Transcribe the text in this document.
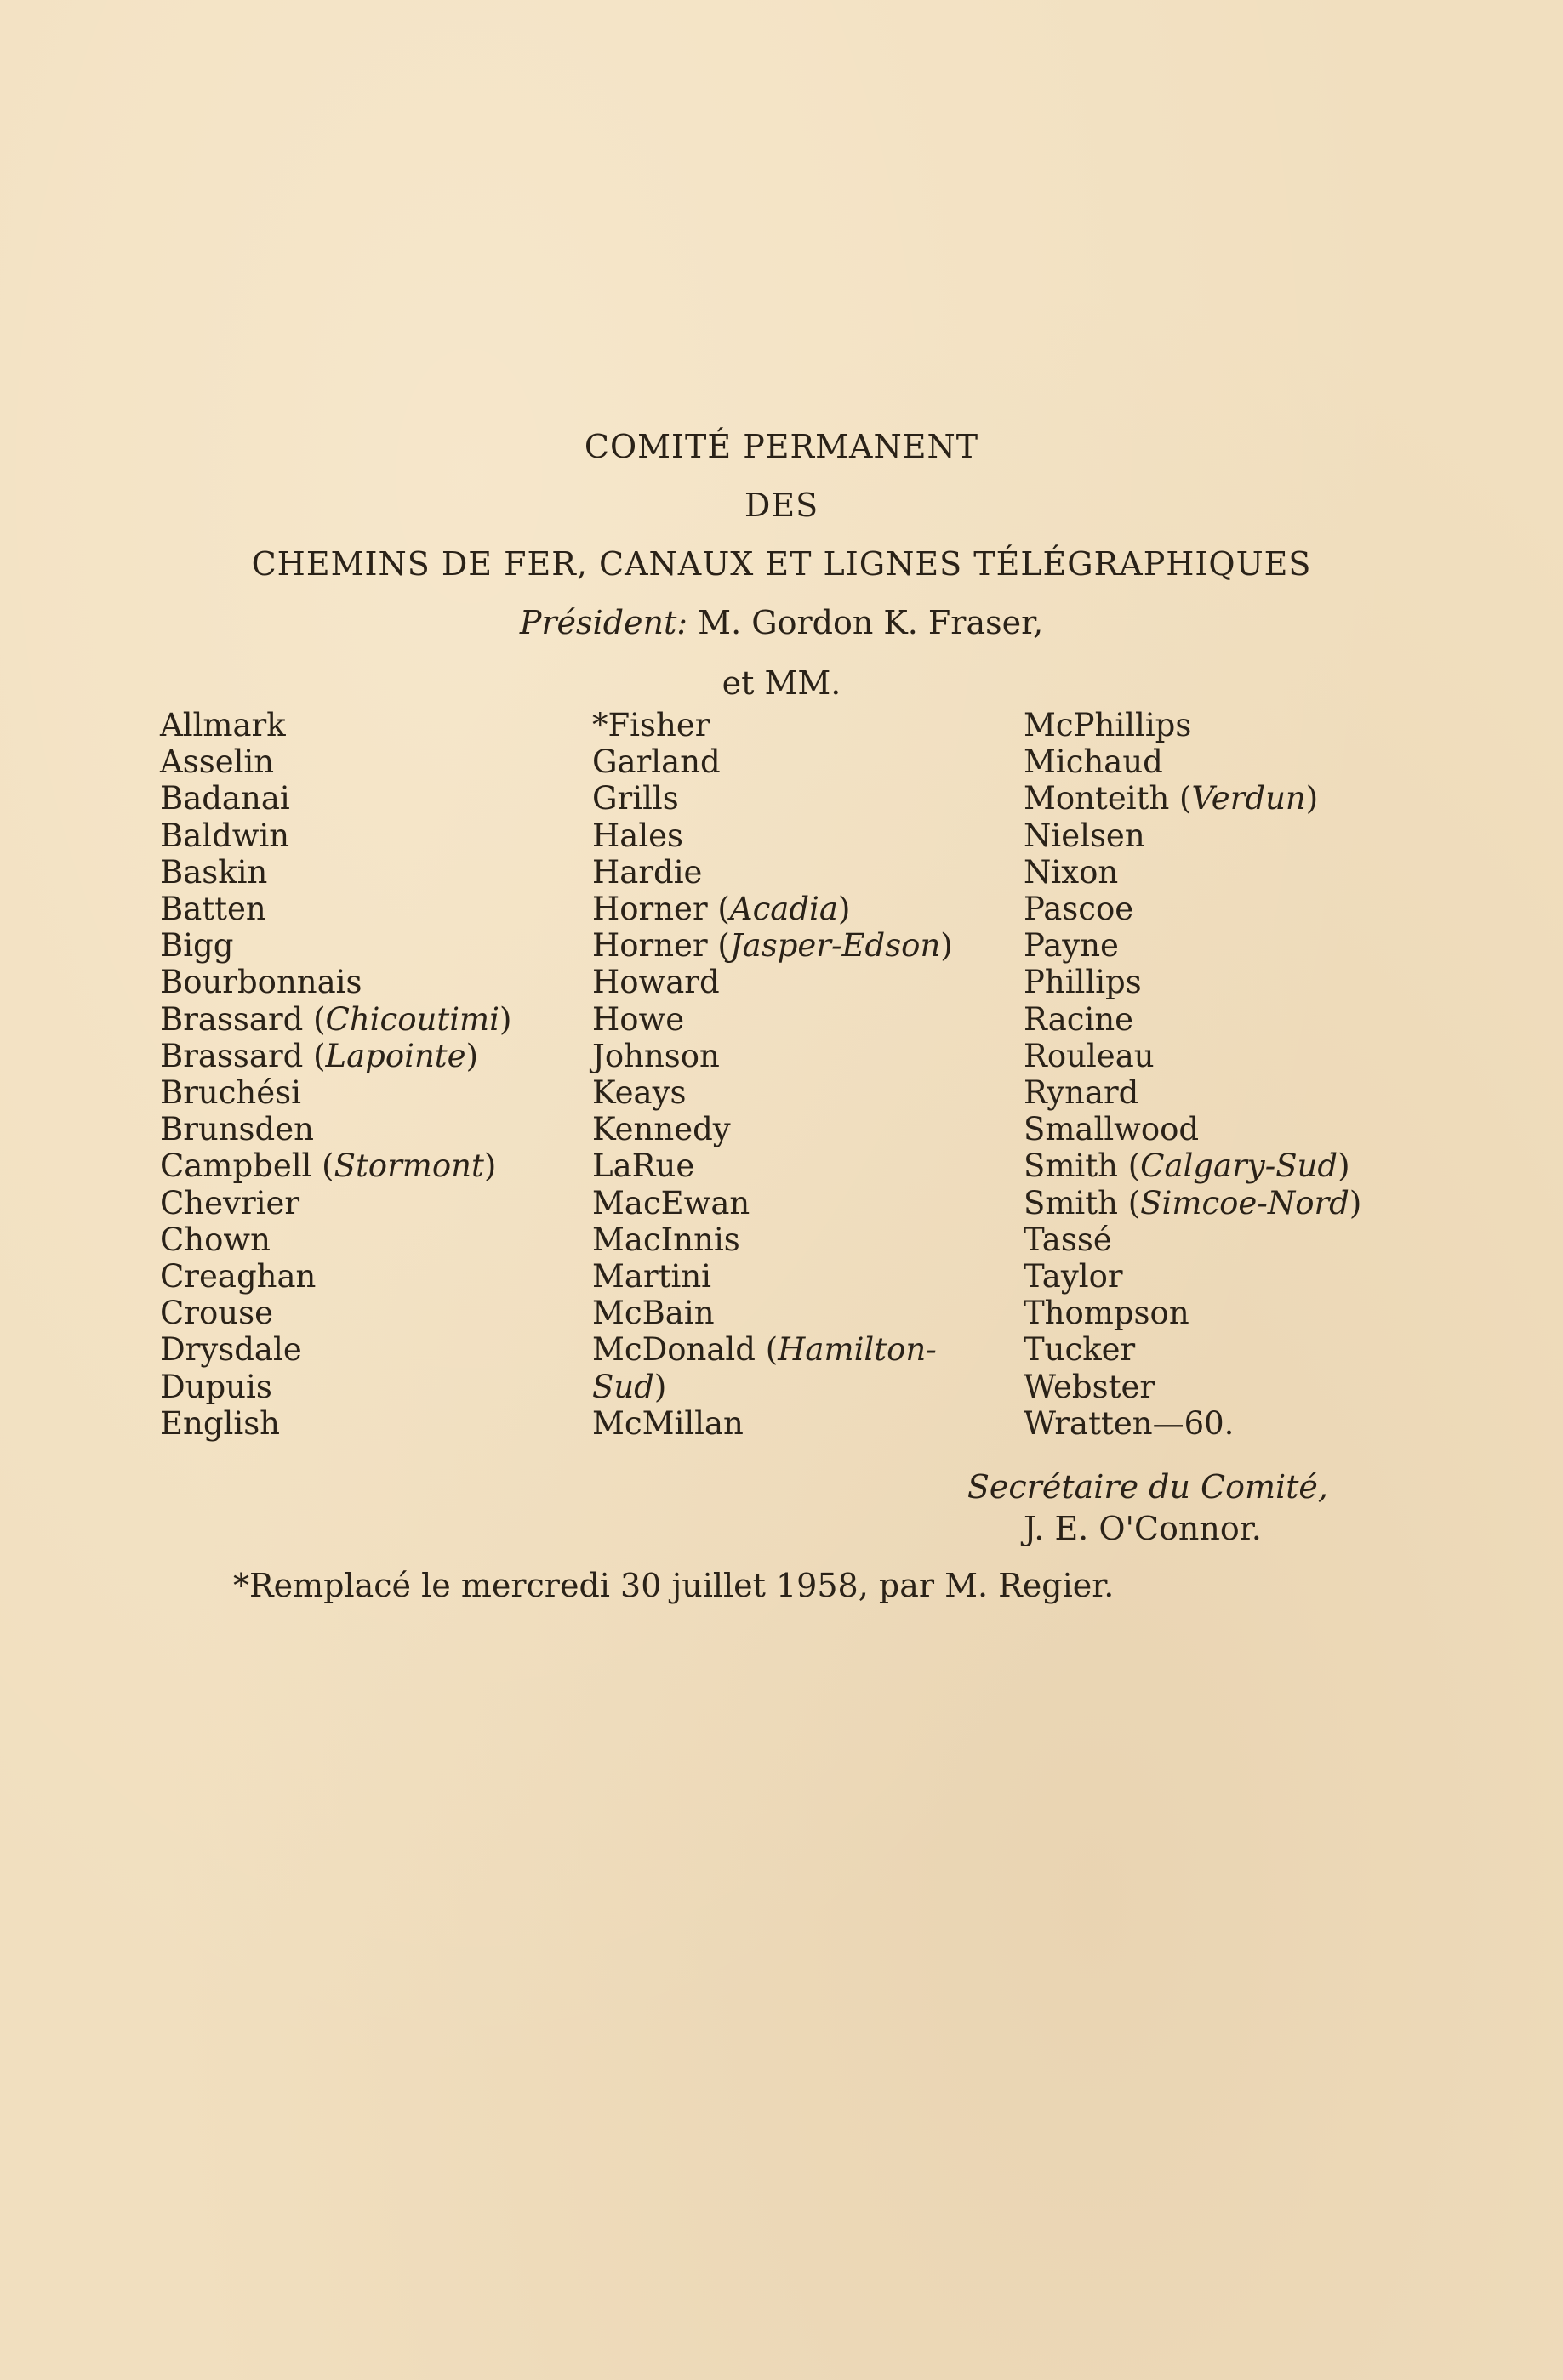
COMITÉ PERMANENT
DES
CHEMINS DE FER, CANAUX ET LIGNES TÉLÉGRAPHIQUES
Président: M. Gordon K. Fraser,
et MM.
Allmark
Asselin
Badanai
Baldwin
Baskin
Batten
Bigg
Bourbonnais
Brassard (Chicoutimi)
Brassard (Lapointe)
Bruchési
Brunsden
Campbell (Stormont)
Chevrier
Chown
Creaghan
Crouse
Drysdale
Dupuis
English
*Fisher
Garland
Grills
Hales
Hardie
Horner (Acadia)
Horner (Jasper-Edson)
Howard
Howe
Johnson
Keays
Kennedy
LaRue
MacEwan
MacInnis
Martini
McBain
McDonald (Hamilton-
Sud)
McMillan
McPhillips
Michaud
Monteith (Verdun)
Nielsen
Nixon
Pascoe
Payne
Phillips
Racine
Rouleau
Rynard
Smallwood
Smith (Calgary-Sud)
Smith (Simcoe-Nord)
Tassé
Taylor
Thompson
Tucker
Webster
Wratten—60.
Secrétaire du Comité,
J. E. O'Connor.
*Remplacé le mercredi 30 juillet 1958, par M. Regier.
